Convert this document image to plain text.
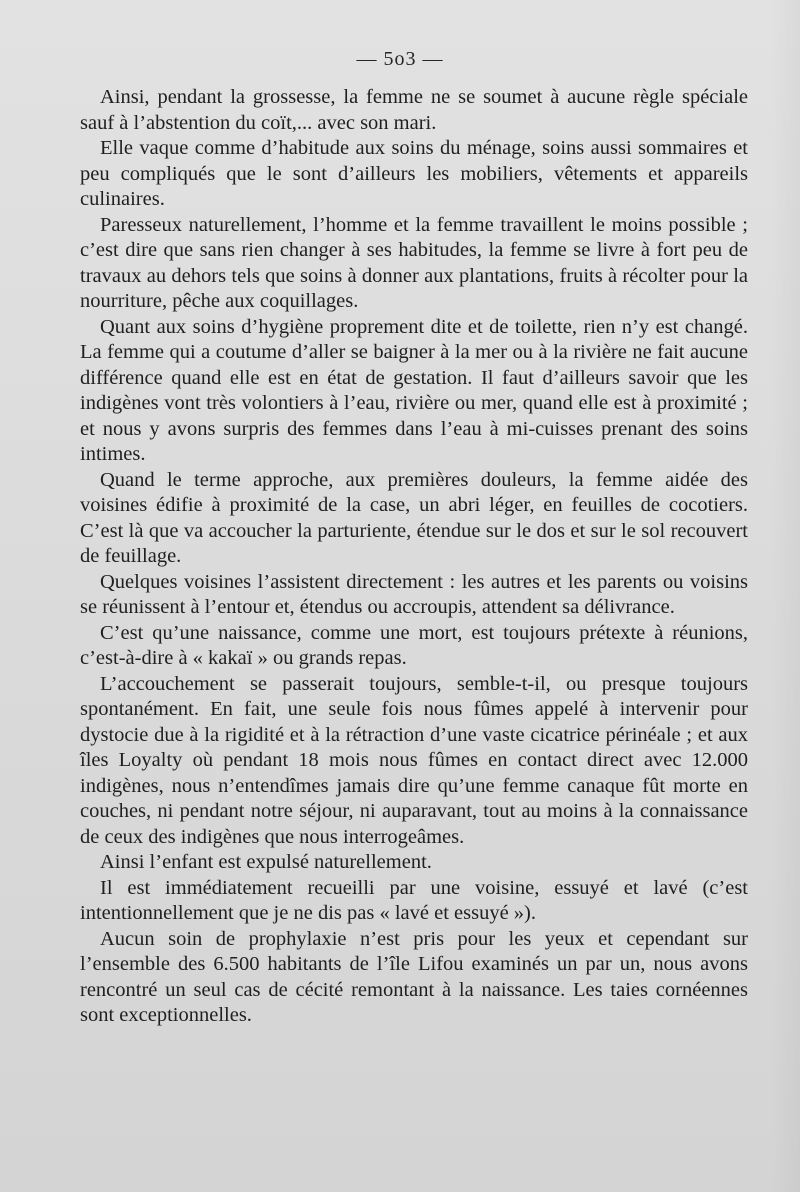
— 5o3 —

Ainsi, pendant la grossesse, la femme ne se soumet à aucune règle spéciale sauf à l’abstention du coït,... avec son mari.

Elle vaque comme d’habitude aux soins du ménage, soins aussi sommaires et peu compliqués que le sont d’ailleurs les mobiliers, vêtements et appareils culinaires.

Paresseux naturellement, l’homme et la femme travaillent le moins possible ; c’est dire que sans rien changer à ses habitudes, la femme se livre à fort peu de travaux au dehors tels que soins à donner aux plantations, fruits à récolter pour la nourriture, pêche aux coquillages.

Quant aux soins d’hygiène proprement dite et de toilette, rien n’y est changé. La femme qui a coutume d’aller se baigner à la mer ou à la rivière ne fait aucune différence quand elle est en état de gestation. Il faut d’ailleurs savoir que les indigènes vont très volontiers à l’eau, rivière ou mer, quand elle est à proximité ; et nous y avons surpris des femmes dans l’eau à mi-cuisses prenant des soins intimes.

Quand le terme approche, aux premières douleurs, la femme aidée des voisines édifie à proximité de la case, un abri léger, en feuilles de cocotiers. C’est là que va accoucher la parturiente, étendue sur le dos et sur le sol recouvert de feuillage.

Quelques voisines l’assistent directement : les autres et les parents ou voisins se réunissent à l’entour et, étendus ou accroupis, attendent sa délivrance.

C’est qu’une naissance, comme une mort, est toujours prétexte à réunions, c’est-à-dire à « kakaï » ou grands repas.

L’accouchement se passerait toujours, semble-t-il, ou presque toujours spontanément. En fait, une seule fois nous fûmes appelé à intervenir pour dystocie due à la rigidité et à la rétraction d’une vaste cicatrice périnéale ; et aux îles Loyalty où pendant 18 mois nous fûmes en contact direct avec 12.000 indigènes, nous n’entendîmes jamais dire qu’une femme canaque fût morte en couches, ni pendant notre séjour, ni auparavant, tout au moins à la connaissance de ceux des indigènes que nous interrogeâmes.

Ainsi l’enfant est expulsé naturellement.

Il est immédiatement recueilli par une voisine, essuyé et lavé (c’est intentionnellement que je ne dis pas « lavé et essuyé »).

Aucun soin de prophylaxie n’est pris pour les yeux et cependant sur l’ensemble des 6.500 habitants de l’île Lifou examinés un par un, nous avons rencontré un seul cas de cécité remontant à la naissance. Les taies cornéennes sont exceptionnelles.
